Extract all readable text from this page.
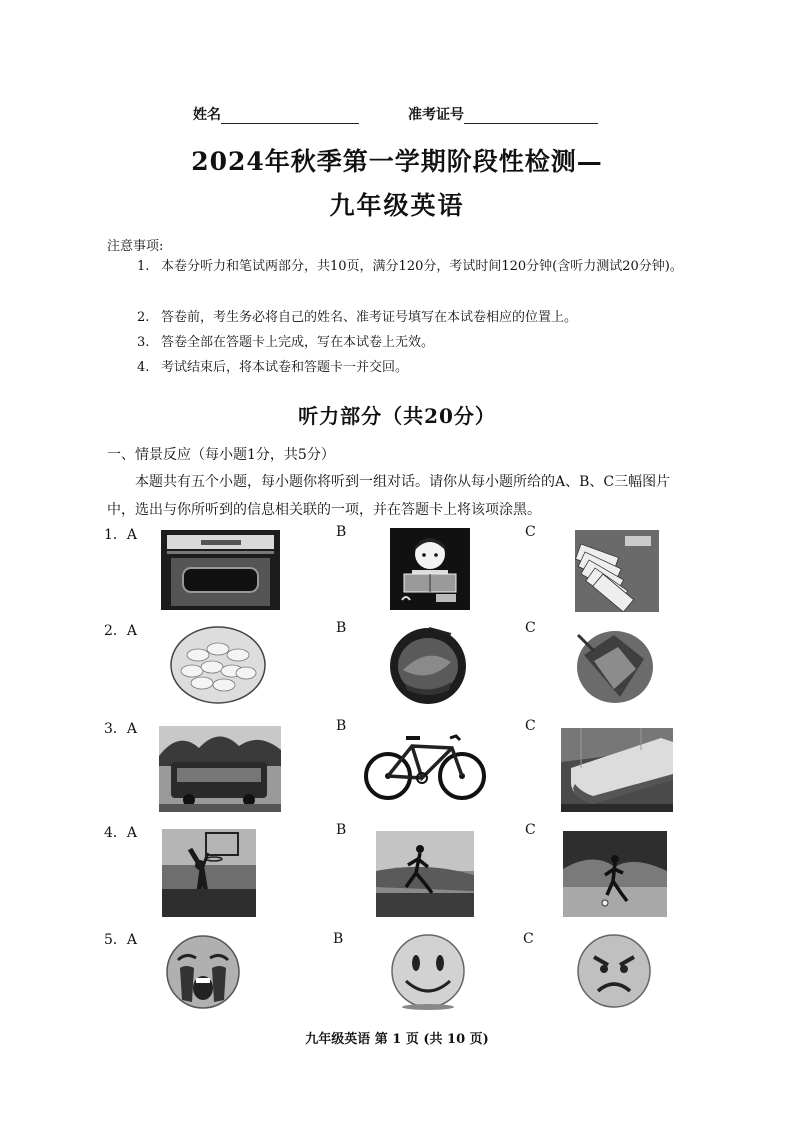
姓名	准考证号
2024年秋季第一学期阶段性检测—
九年级英语
注意事项:
1. 本卷分听力和笔试两部分，共10页，满分120分，考试时间120分钟(含听力测试20分钟)。
2. 答卷前，考生务必将自己的姓名、准考证号填写在本试卷相应的位置上。
3. 答卷全部在答题卡上完成，写在本试卷上无效。
4. 考试结束后，将本试卷和答题卡一并交回。
听力部分（共20分）
一、情景反应（每小题1分，共5分）
本题共有五个小题，每小题你将听到一组对话。请你从每小题所给的A、B、C三幅图片中，选出与你所听到的信息相关联的一项，并在答题卡上将该项涂黑。
1．A	B	C
2．A	B	C
3．A	B	C
4．A	B	C
5．A	B	C
九年级英语 第 1 页 (共 10 页)
